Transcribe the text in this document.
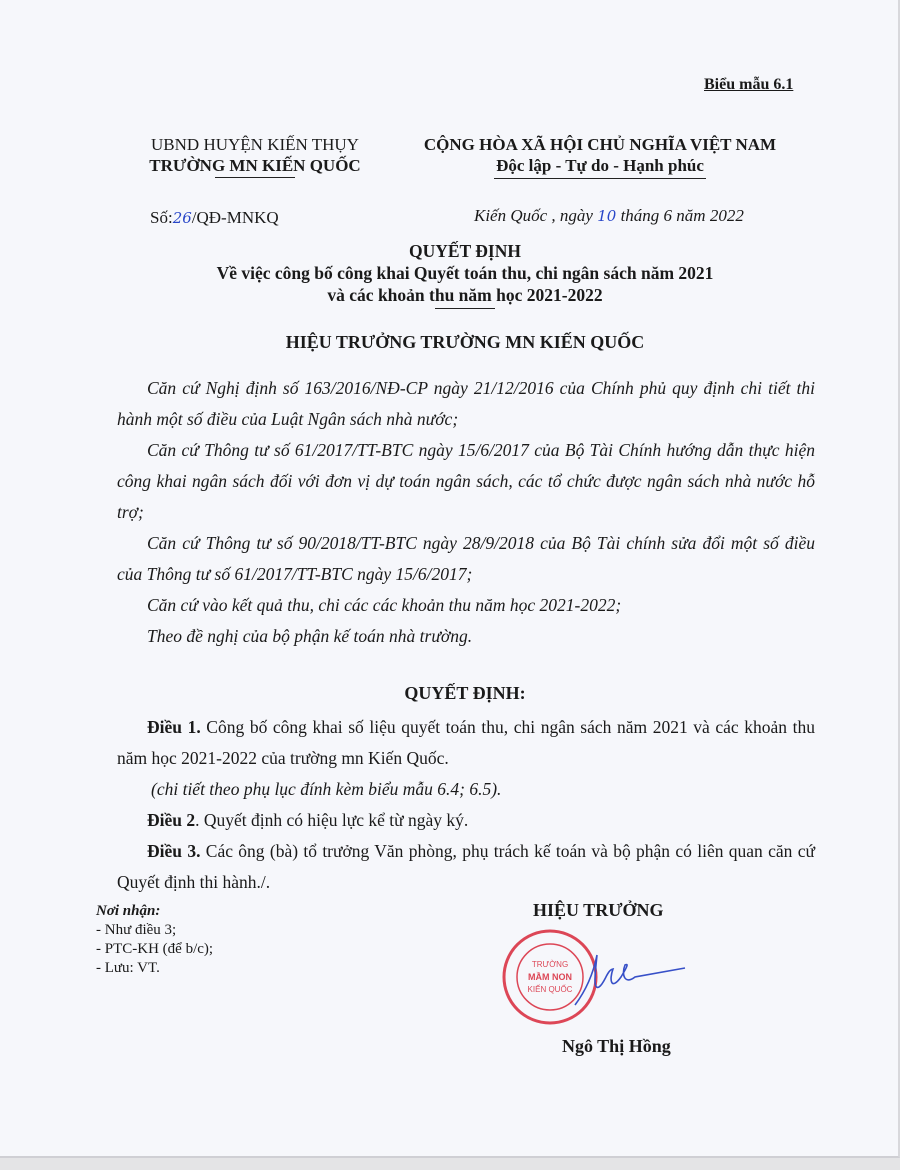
Biểu mẫu 6.1
UBND HUYỆN KIẾN THỤY
TRƯỜNG MN KIẾN QUỐC
CỘNG HÒA XÃ HỘI CHỦ NGHĨA VIỆT NAM
Độc lập - Tự do - Hạnh phúc
Số:26/QĐ-MNKQ	Kiến Quốc , ngày 10 tháng 6 năm 2022
QUYẾT ĐỊNH
Về việc công bố công khai Quyết toán thu, chi ngân sách năm 2021
và các khoản thu năm học 2021-2022
HIỆU TRƯỞNG TRƯỜNG MN KIẾN QUỐC

Căn cứ Nghị định số 163/2016/NĐ-CP ngày 21/12/2016 của Chính phủ quy định chi tiết thi hành một số điều của Luật Ngân sách nhà nước;

Căn cứ Thông tư số 61/2017/TT-BTC ngày 15/6/2017 của Bộ Tài Chính hướng dẫn thực hiện công khai ngân sách đối với đơn vị dự toán ngân sách, các tổ chức được ngân sách nhà nước hỗ trợ;

Căn cứ Thông tư số 90/2018/TT-BTC ngày 28/9/2018 của Bộ Tài chính sửa đổi một số điều của Thông tư số 61/2017/TT-BTC ngày 15/6/2017;

Căn cứ vào kết quả thu, chi các các khoản thu năm học 2021-2022;

Theo đề nghị của bộ phận kế toán nhà trường.

QUYẾT ĐỊNH:

Điều 1. Công bố công khai số liệu quyết toán thu, chi ngân sách năm 2021 và các khoản thu năm học 2021-2022 của trường mn Kiến Quốc.

(chi tiết theo phụ lục đính kèm biểu mẫu 6.4; 6.5).

Điều 2. Quyết định có hiệu lực kể từ ngày ký.

Điều 3. Các ông (bà) tổ trưởng Văn phòng, phụ trách kế toán và bộ phận có liên quan căn cứ Quyết định thi hành./.

Nơi nhận:
- Như điều 3;
- PTC-KH (để b/c);
- Lưu: VT.
HIỆU TRƯỞNG
TRƯỜNG
MẦM NON
KIẾN QUỐC
Ngô Thị Hồng
